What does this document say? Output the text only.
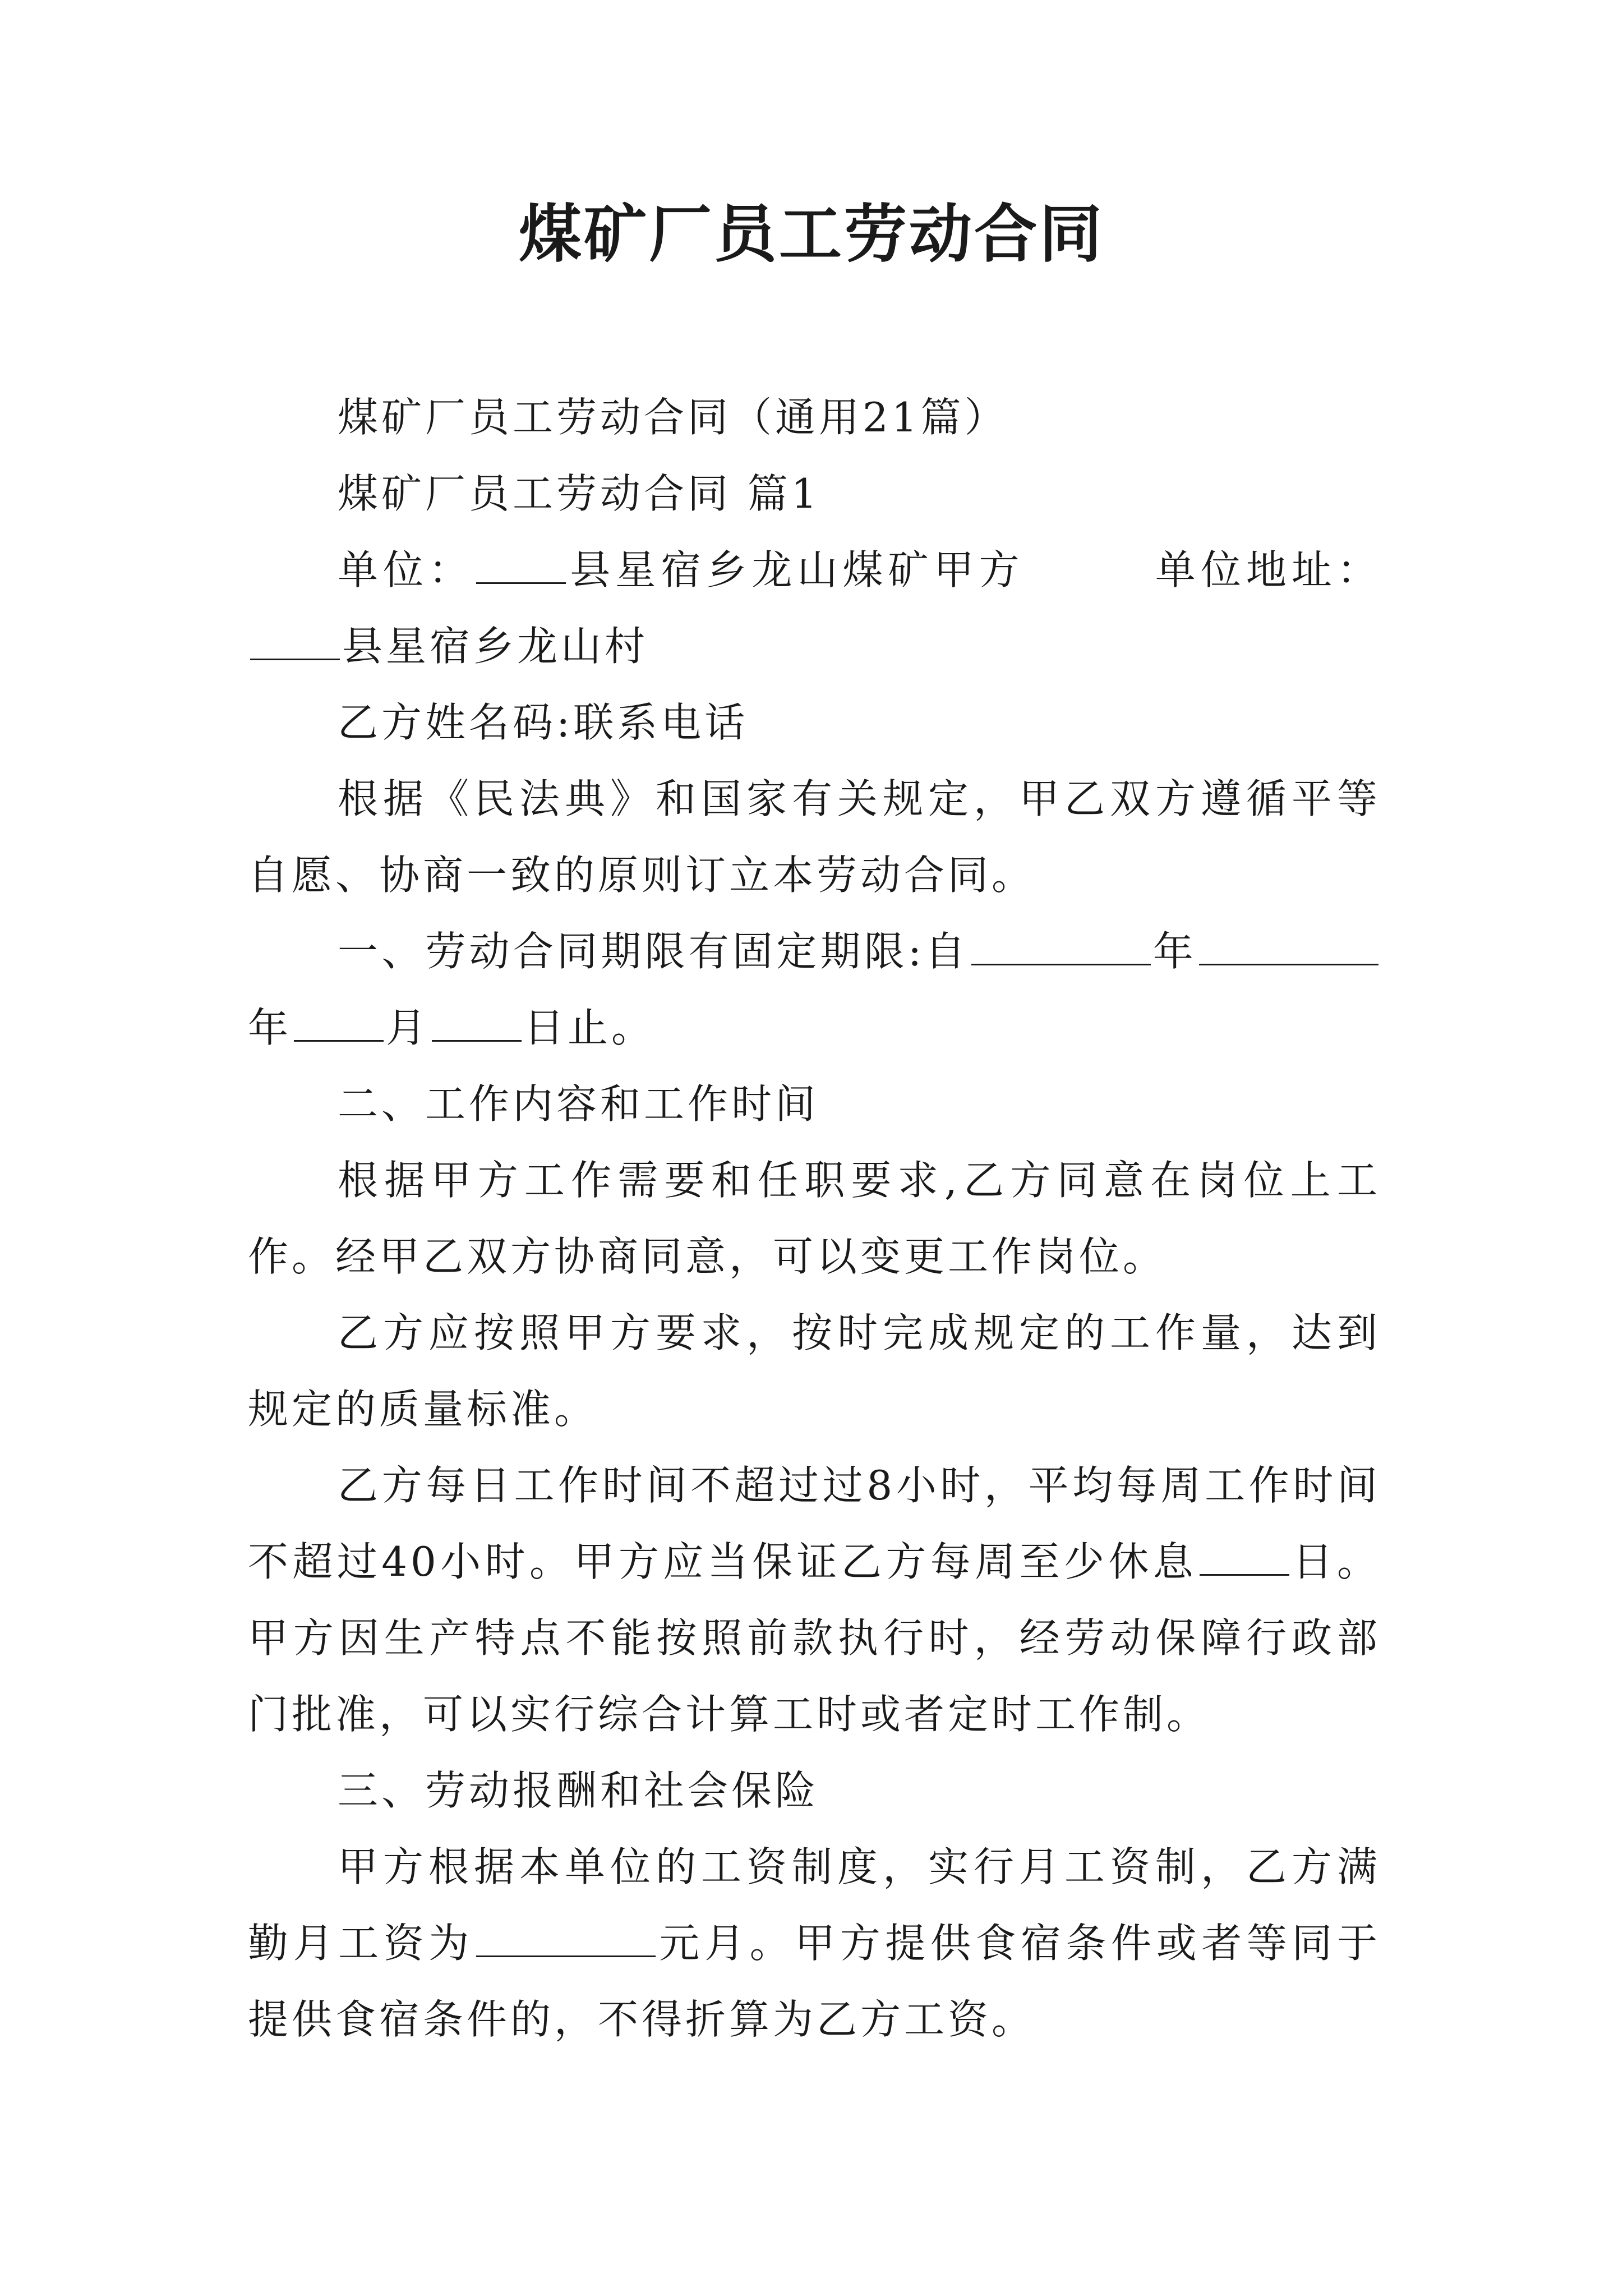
煤矿厂员工劳动合同

煤矿厂员工劳动合同（通用21篇）

煤矿厂员工劳动合同 篇1

单位： 县星宿乡龙山煤矿甲方	单位地址：县星宿乡龙山村

乙方姓名码:联系电话

根据《民法典》和国家有关规定，甲乙双方遵循平等自愿、协商一致的原则订立本劳动合同。

一、劳动合同期限有固定期限:自	年年 月 日止。

二、工作内容和工作时间

根据甲方工作需要和任职要求,乙方同意在岗位上工作。经甲乙双方协商同意，可以变更工作岗位。

乙方应按照甲方要求，按时完成规定的工作量，达到规定的质量标准。

乙方每日工作时间不超过过8小时，平均每周工作时间不超过40小时。甲方应当保证乙方每周至少休息 日。甲方因生产特点不能按照前款执行时，经劳动保障行政部门批准，可以实行综合计算工时或者定时工作制。

三、劳动报酬和社会保险

甲方根据本单位的工资制度，实行月工资制，乙方满勤月工资为	元月。甲方提供食宿条件或者等同于提供食宿条件的，不得折算为乙方工资。
